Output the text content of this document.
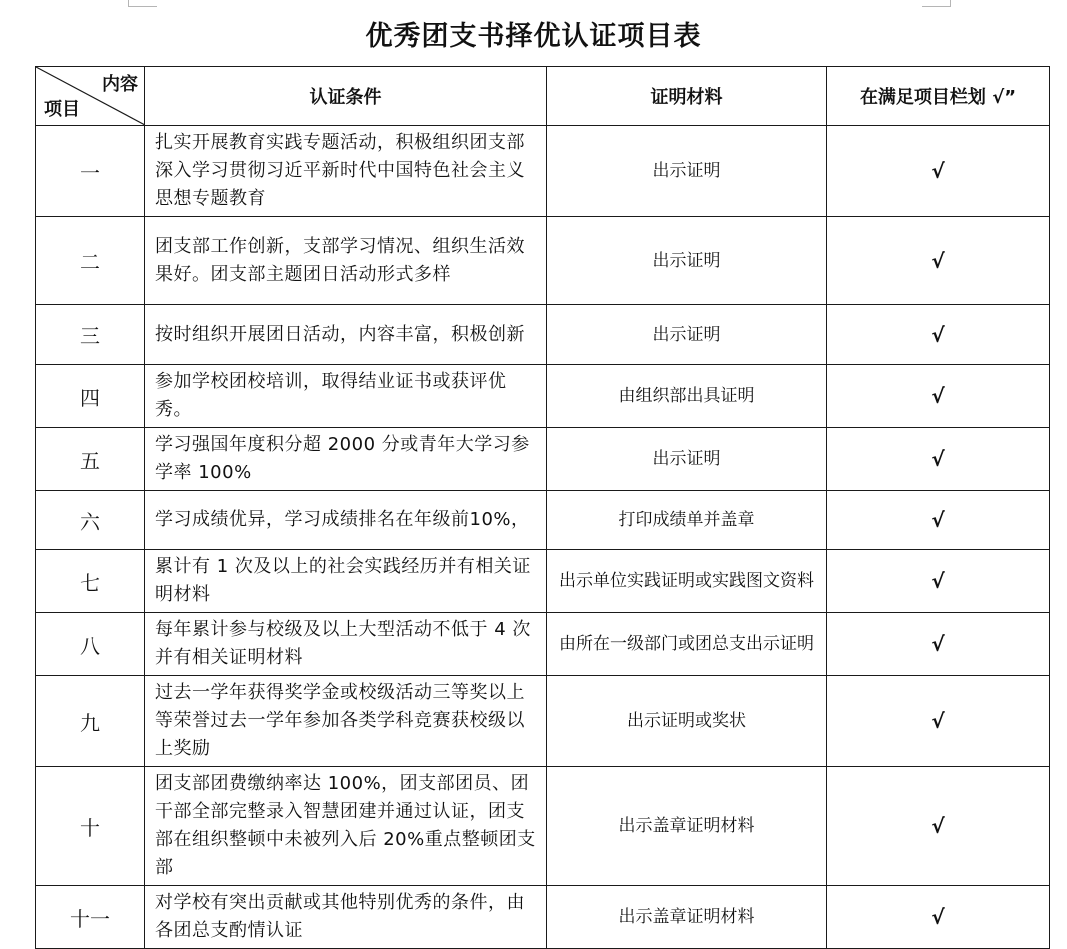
优秀团支书择优认证项目表
内容
项目	认证条件	证明材料	在满足项目栏划 √”
一	扎实开展教育实践专题活动，积极组织团支部深入学习贯彻习近平新时代中国特色社会主义思想专题教育	出示证明	√
二	团支部工作创新，支部学习情况、组织生活效果好。团支部主题团日活动形式多样	出示证明	√
三	按时组织开展团日活动，内容丰富，积极创新	出示证明	√
四	参加学校团校培训，取得结业证书或获评优秀。	由组织部出具证明	√
五	学习强国年度积分超 2000 分或青年大学习参学率 100%	出示证明	√
六	学习成绩优异，学习成绩排名在年级前10%，	打印成绩单并盖章	√
七	累计有 1 次及以上的社会实践经历并有相关证明材料	出示单位实践证明或实践图文资料	√
八	每年累计参与校级及以上大型活动不低于 4 次并有相关证明材料	由所在一级部门或团总支出示证明	√
九	过去一学年获得奖学金或校级活动三等奖以上等荣誉过去一学年参加各类学科竞赛获校级以上奖励	出示证明或奖状	√
十	团支部团费缴纳率达 100%，团支部团员、团干部全部完整录入智慧团建并通过认证，团支部在组织整顿中未被列入后 20%重点整顿团支部	出示盖章证明材料	√
十一	对学校有突出贡献或其他特别优秀的条件，由各团总支酌情认证	出示盖章证明材料	√
